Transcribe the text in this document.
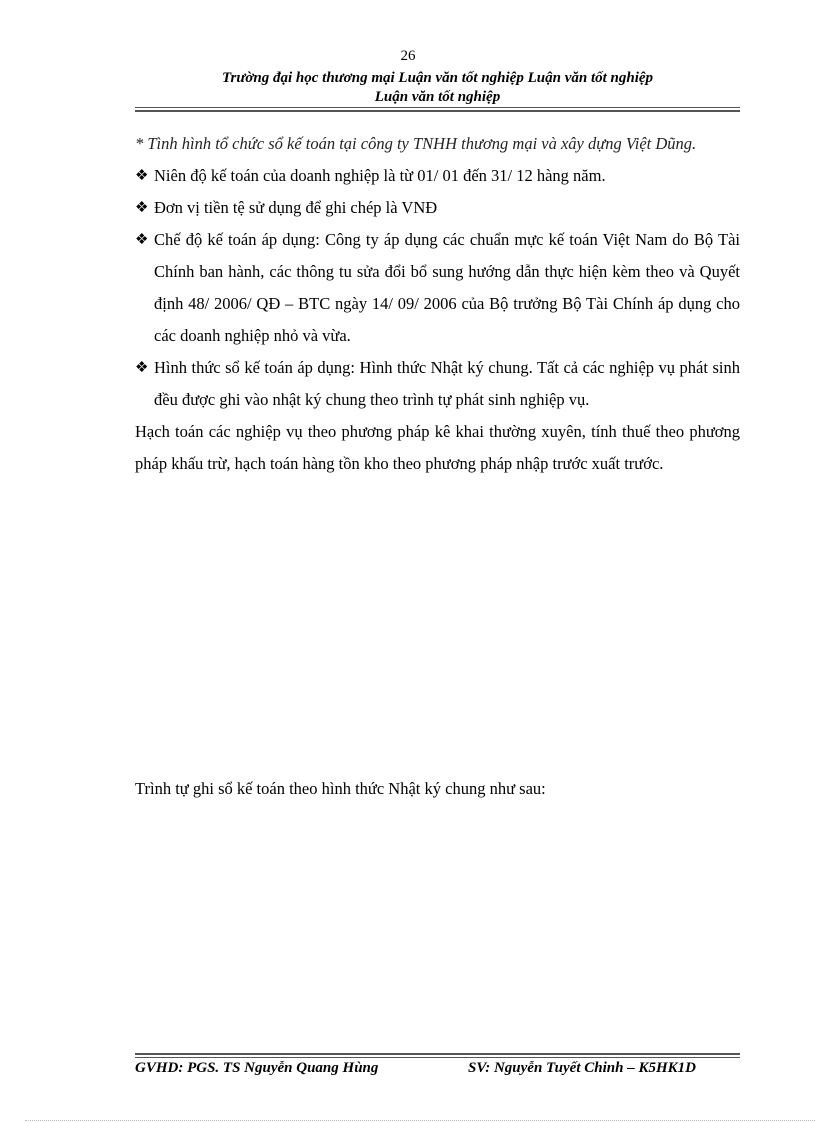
26
Trường đại học thương mại Luận văn tốt nghiệp Luận văn tốt nghiệp
Luận văn tốt nghiệp

* Tình hình tổ chức sổ kế toán tại công ty TNHH thương mại và xây dựng Việt Dũng.

❖ Niên độ kế toán của doanh nghiệp là từ 01/ 01 đến 31/ 12 hàng năm.
❖ Đơn vị tiền tệ sử dụng để ghi chép là VNĐ
❖ Chế độ kế toán áp dụng: Công ty áp dụng các chuẩn mực kế toán Việt Nam do Bộ Tài Chính ban hành, các thông tu sửa đổi bổ sung hướng dẫn thực hiện kèm theo và Quyết định 48/ 2006/ QĐ – BTC ngày 14/ 09/ 2006 của Bộ trưởng Bộ Tài Chính áp dụng cho các doanh nghiệp nhỏ và vừa.
❖ Hình thức sổ kế toán áp dụng: Hình thức Nhật ký chung. Tất cả các nghiệp vụ phát sinh đều được ghi vào nhật ký chung theo trình tự phát sinh nghiệp vụ.

Hạch toán các nghiệp vụ theo phương pháp kê khai thường xuyên, tính thuế theo phương pháp khấu trừ, hạch toán hàng tồn kho theo phương pháp nhập trước xuất trước.

Trình tự ghi sổ kế toán theo hình thức Nhật ký chung như sau:
GVHD: PGS. TS Nguyễn Quang Hùng	SV: Nguyễn Tuyết Chinh – K5HK1D
